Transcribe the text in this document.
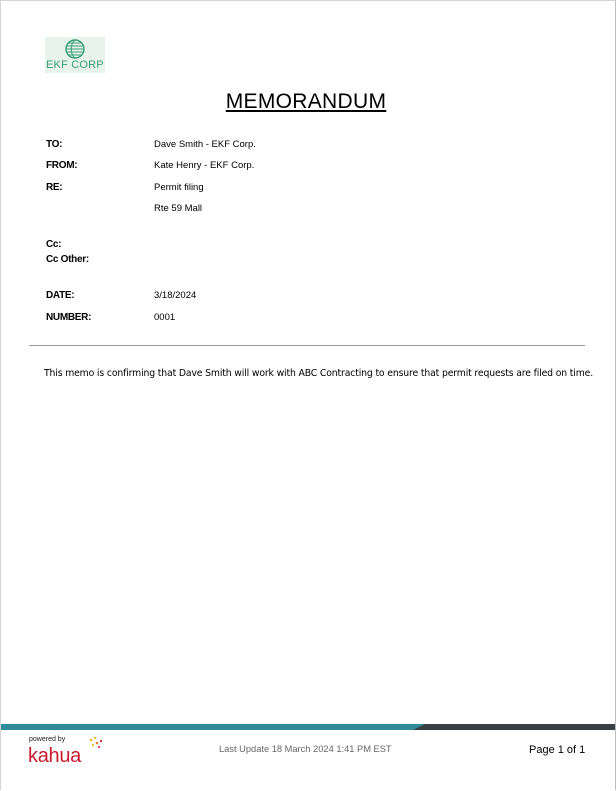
EKF CORP
MEMORANDUM
TO:	Dave Smith - EKF Corp.
FROM:	Kate Henry - EKF Corp.
RE:	Permit filing
Rte 59 Mall
Cc:
Cc Other:
DATE:	3/18/2024
NUMBER:	0001
This memo is confirming that Dave Smith will work with ABC Contracting to ensure that permit requests are filed on time.
powered by
kahua	Last Update 18 March 2024 1:41 PM EST	Page 1 of 1
